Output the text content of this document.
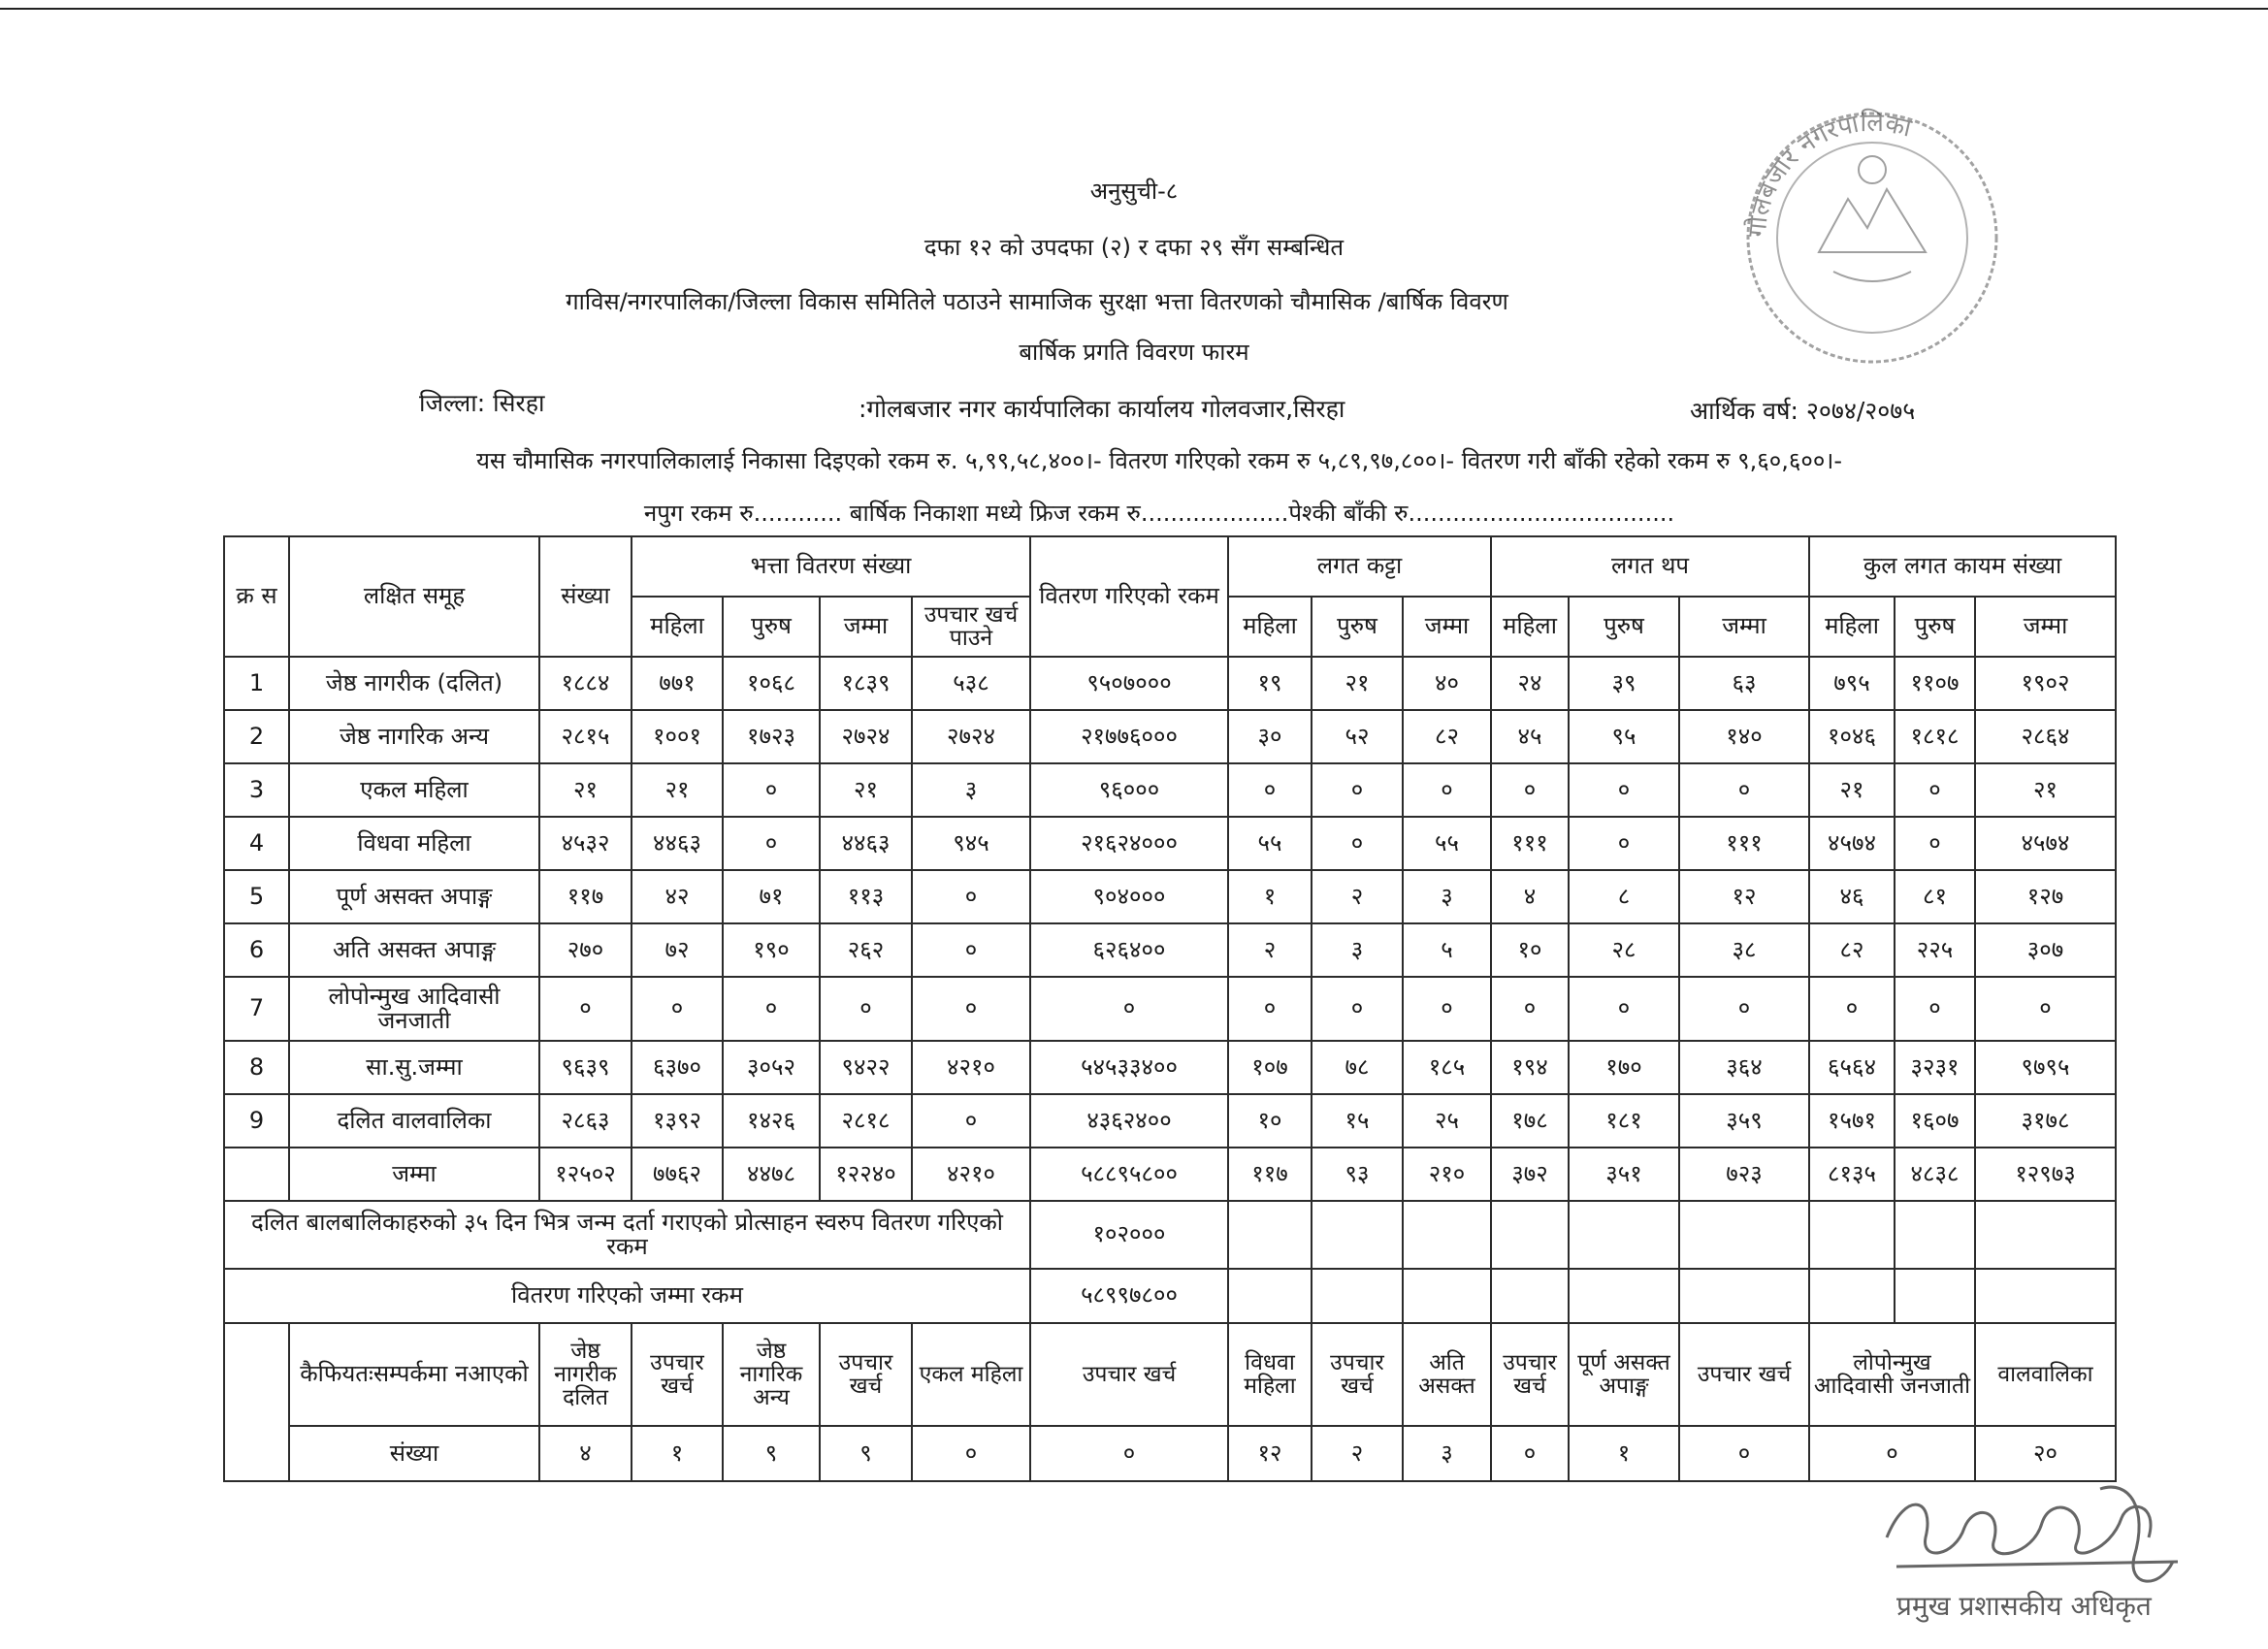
अनुसुची-८
दफा १२ को उपदफा (२) र दफा २९ सँग सम्बन्धित
गाविस/नगरपालिका/जिल्ला विकास समितिले पठाउने सामाजिक सुरक्षा भत्ता वितरणको चौमासिक /बार्षिक विवरण
बार्षिक प्रगति विवरण फारम
जिल्ला: सिरहा	:गोलबजार नगर कार्यपालिका कार्यालय गोलवजार,सिरहा	आर्थिक वर्ष: २०७४/२०७५
यस चौमासिक नगरपालिकालाई निकासा दिइएको रकम रु. ५,९९,५८,४००।- वितरण गरिएको रकम रु ५,८९,९७,८००।- वितरण गरी बाँकी रहेको रकम रु ९,६०,६००।-
नपुग रकम रु............ बार्षिक निकाशा मध्ये फ्रिज रकम रु....................पेश्की बाँकी रु....................................
क्र स	लक्षित समूह	संख्या	भत्ता वितरण संख्या				वितरण गरिएको रकम	लगत कट्टा			लगत थप			कुल लगत कायम संख्या		
			महिला	पुरुष	जम्मा	उपचार खर्च पाउने		महिला	पुरुष	जम्मा	महिला	पुरुष	जम्मा	महिला	पुरुष	जम्मा
1	जेष्ठ नागरीक (दलित)	१८८४	७७१	१०६८	१८३९	५३८	९५०७०००	१९	२१	४०	२४	३९	६३	७९५	११०७	१९०२
2	जेष्ठ नागरिक अन्य	२८१५	१००१	१७२३	२७२४	२७२४	२१७७६०००	३०	५२	८२	४५	९५	१४०	१०४६	१८१८	२८६४
3	एकल महिला	२१	२१	०	२१	३	९६०००	०	०	०	०	०	०	२१	०	२१
4	विधवा महिला	४५३२	४४६३	०	४४६३	९४५	२१६२४०००	५५	०	५५	१११	०	१११	४५७४	०	४५७४
5	पूर्ण असक्त अपाङ्ग	११७	४२	७१	११३	०	९०४०००	१	२	३	४	८	१२	४६	८१	१२७
6	अति असक्त अपाङ्ग	२७०	७२	१९०	२६२	०	६२६४००	२	३	५	१०	२८	३८	८२	२२५	३०७
7	लोपोन्मुख आदिवासी जनजाती	०	०	०	०	०	०	०	०	०	०	०	०	०	०	०
8	सा.सु.जम्मा	९६३९	६३७०	३०५२	९४२२	४२१०	५४५३३४००	१०७	७८	१८५	१९४	१७०	३६४	६५६४	३२३१	९७९५
9	दलित वालवालिका	२८६३	१३९२	१४२६	२८१८	०	४३६२४००	१०	१५	२५	१७८	१८१	३५९	१५७१	१६०७	३१७८
	जम्मा	१२५०२	७७६२	४४७८	१२२४०	४२१०	५८८९५८००	११७	९३	२१०	३७२	३५१	७२३	८१३५	४८३८	१२९७३
दलित बालबालिकाहरुको ३५ दिन भित्र जन्म दर्ता गराएको प्रोत्साहन स्वरुप वितरण गरिएको रकम							१०२०००									
वितरण गरिएको जम्मा रकम							५८९९७८००									
	कैफियतःसम्पर्कमा नआएको	जेष्ठ नागरीक दलित	उपचार खर्च	जेष्ठ नागरिक अन्य	उपचार खर्च	एकल महिला	उपचार खर्च	विधवा महिला	उपचार खर्च	अति असक्त	उपचार खर्च	पूर्ण असक्त अपाङ्ग	उपचार खर्च	लोपोन्मुख आदिवासी जनजाती		वालवालिका
	संख्या	४	१	९	९	०	०	१२	२	३	०	१	०	०		२०
गोलबजार नगरपालिका
प्रमुख प्रशासकीय अधिकृत
